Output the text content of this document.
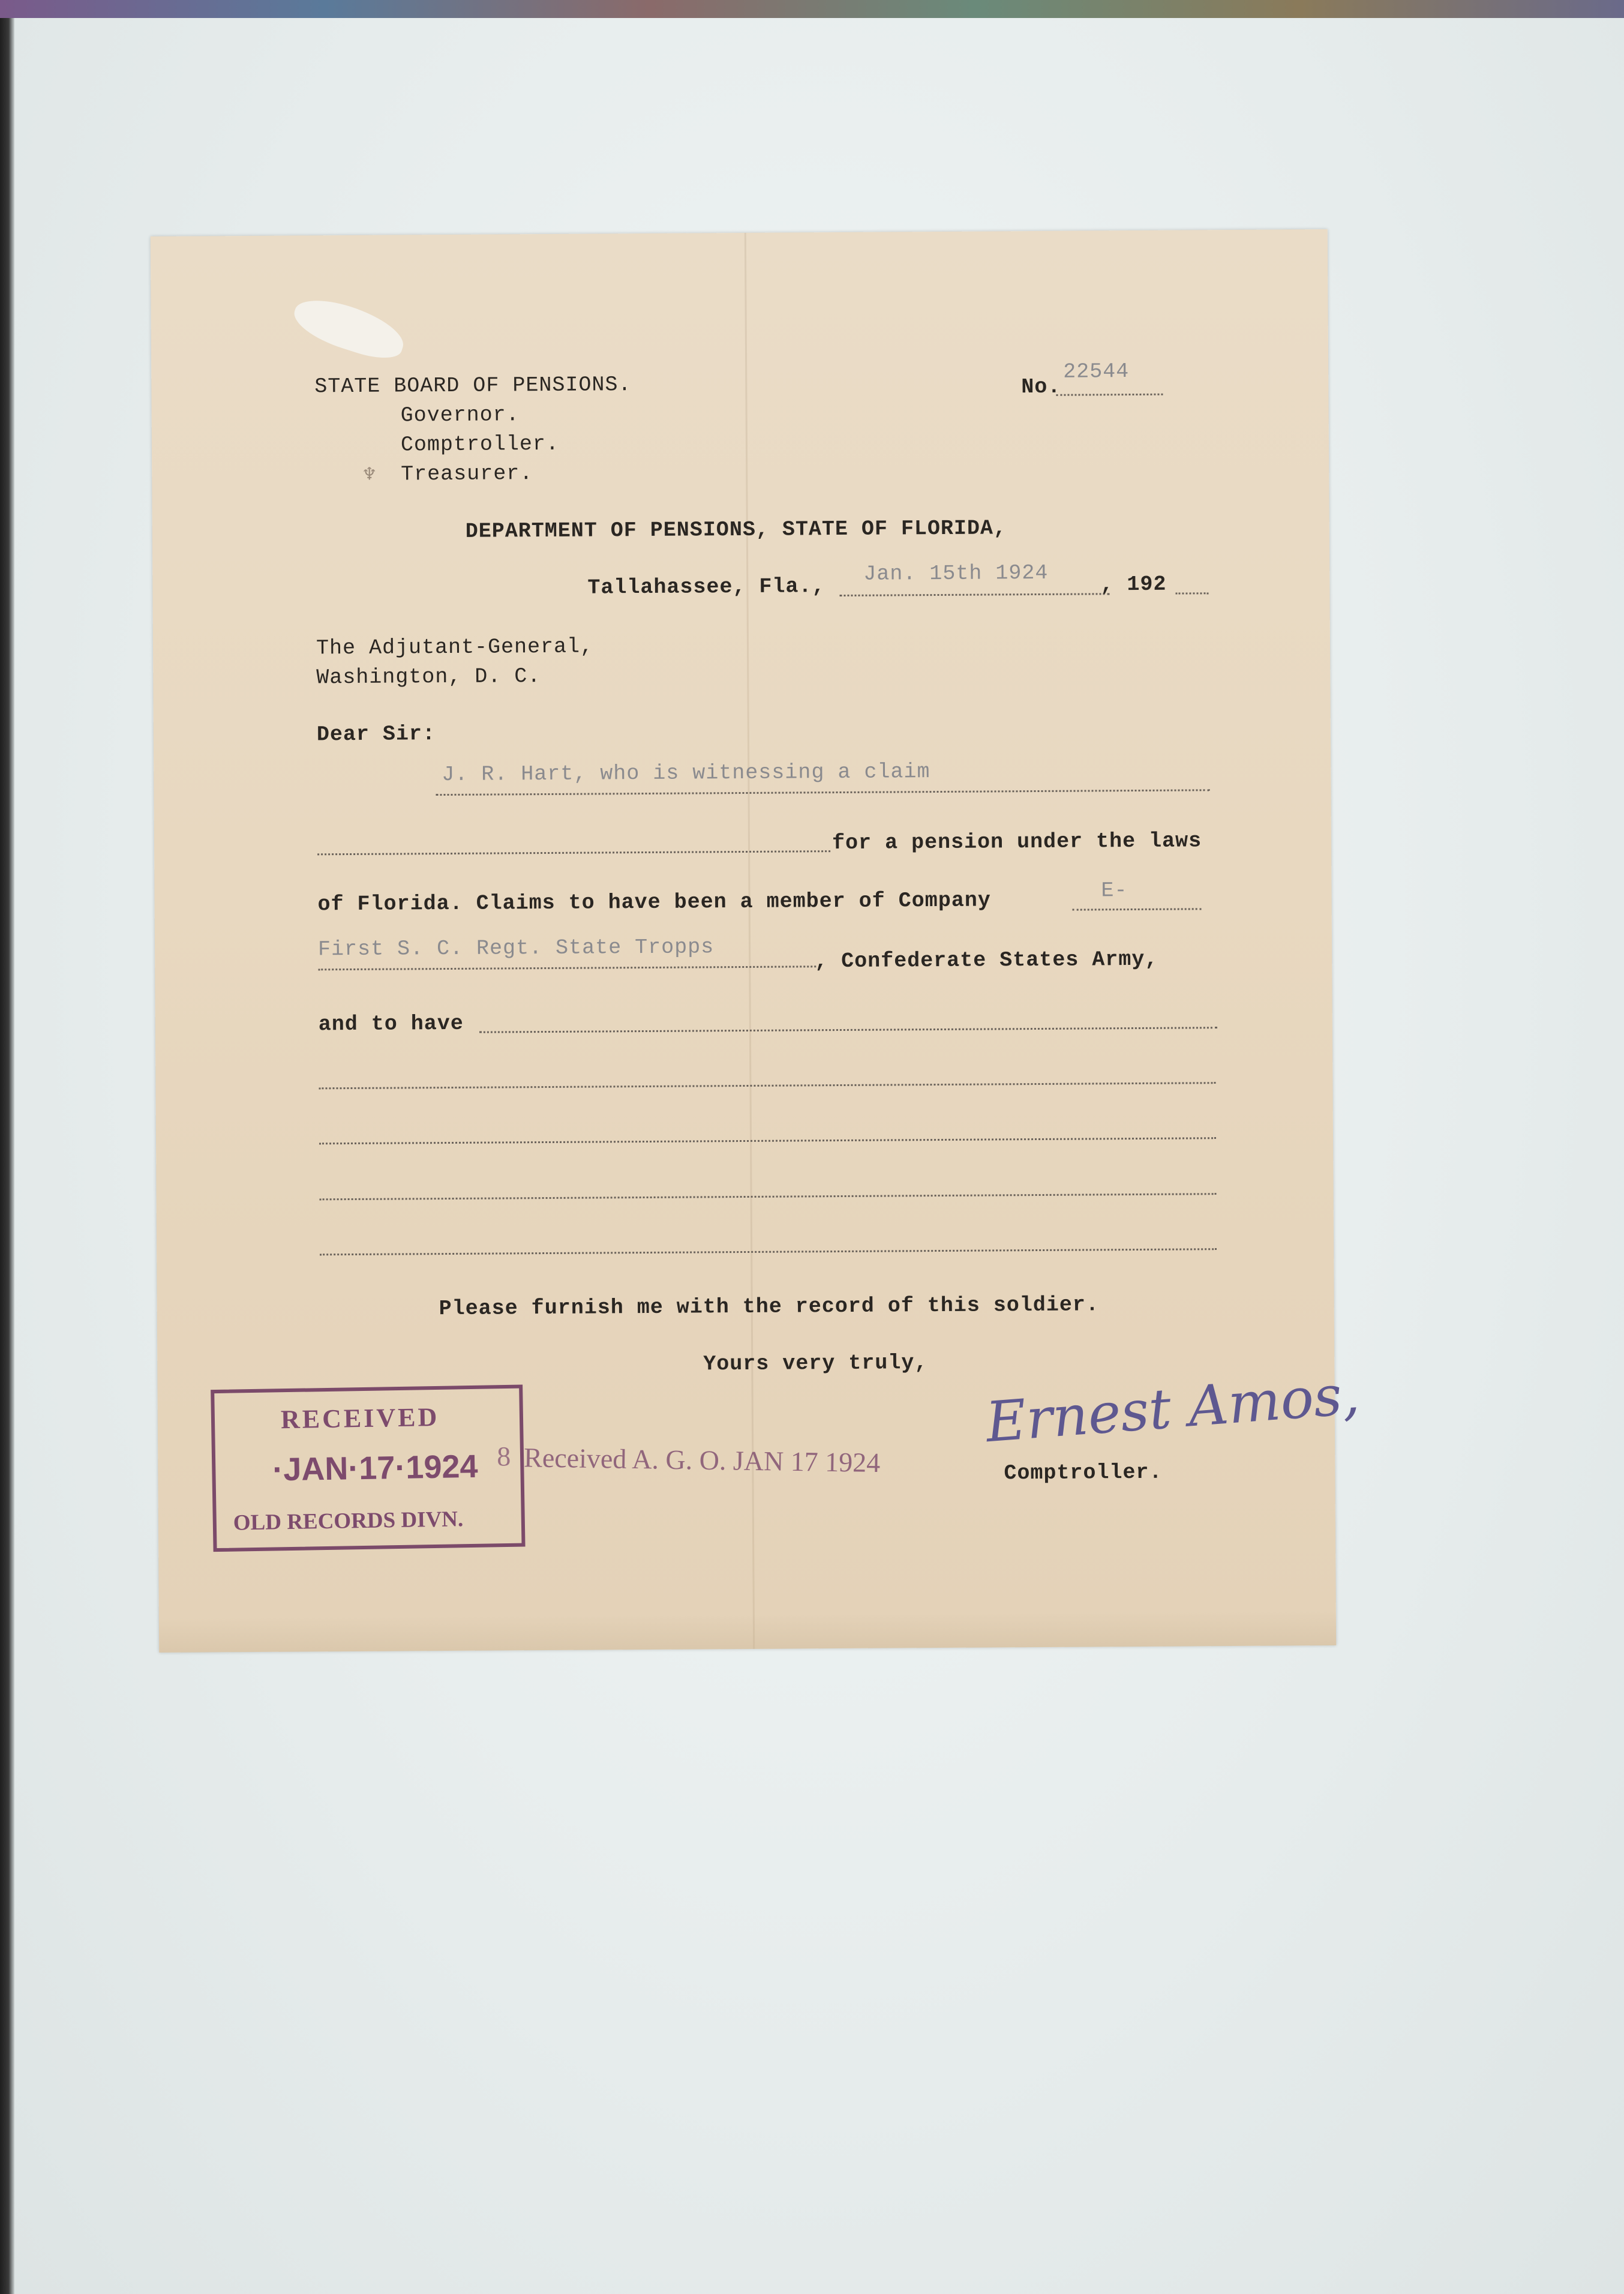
STATE BOARD OF PENSIONS.
Governor.
Comptroller.
Treasurer.
♆
No.
22544
DEPARTMENT OF PENSIONS, STATE OF FLORIDA,
Tallahassee, Fla.,
Jan. 15th 1924 , 192
The Adjutant-General,
Washington, D. C.
Dear Sir:
J. R. Hart, who is witnessing a claim
for a pension under the laws
of Florida. Claims to have been a member of Company	E-
First S. C. Regt. State Tropps	, Confederate States Army,
and to have
Please furnish me with the record of this soldier.
Yours very truly, Ernest Amos,
Comptroller.
RECEIVED
·JAN·17·1924
OLD RECORDS DIVN.
8 Received A. G. O. JAN 17 1924
